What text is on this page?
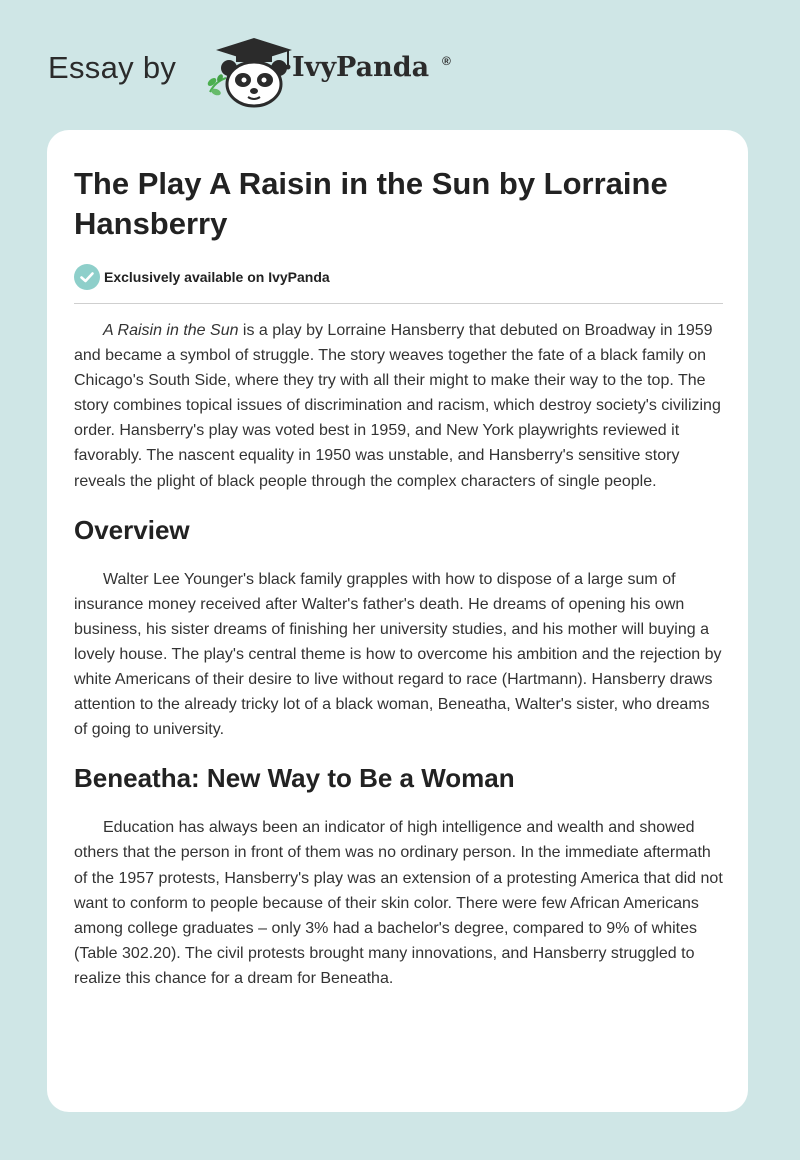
Essay by	IvyPanda ®
The Play A Raisin in the Sun by Lorraine Hansberry
Exclusively available on IvyPanda

A Raisin in the Sun is a play by Lorraine Hansberry that debuted on Broadway in 1959 and became a symbol of struggle. The story weaves together the fate of a black family on Chicago's South Side, where they try with all their might to make their way to the top. The story combines topical issues of discrimination and racism, which destroy society's civilizing order. Hansberry's play was voted best in 1959, and New York playwrights reviewed it favorably. The nascent equality in 1950 was unstable, and Hansberry's sensitive story reveals the plight of black people through the complex characters of single people.

Overview

Walter Lee Younger's black family grapples with how to dispose of a large sum of insurance money received after Walter's father's death. He dreams of opening his own business, his sister dreams of finishing her university studies, and his mother will buying a lovely house. The play's central theme is how to overcome his ambition and the rejection by white Americans of their desire to live without regard to race (Hartmann). Hansberry draws attention to the already tricky lot of a black woman, Beneatha, Walter's sister, who dreams of going to university.

Beneatha: New Way to Be a Woman

Education has always been an indicator of high intelligence and wealth and showed others that the person in front of them was no ordinary person. In the immediate aftermath of the 1957 protests, Hansberry's play was an extension of a protesting America that did not want to conform to people because of their skin color. There were few African Americans among college graduates – only 3% had a bachelor's degree, compared to 9% of whites (Table 302.20). The civil protests brought many innovations, and Hansberry struggled to realize this chance for a dream for Beneatha.
